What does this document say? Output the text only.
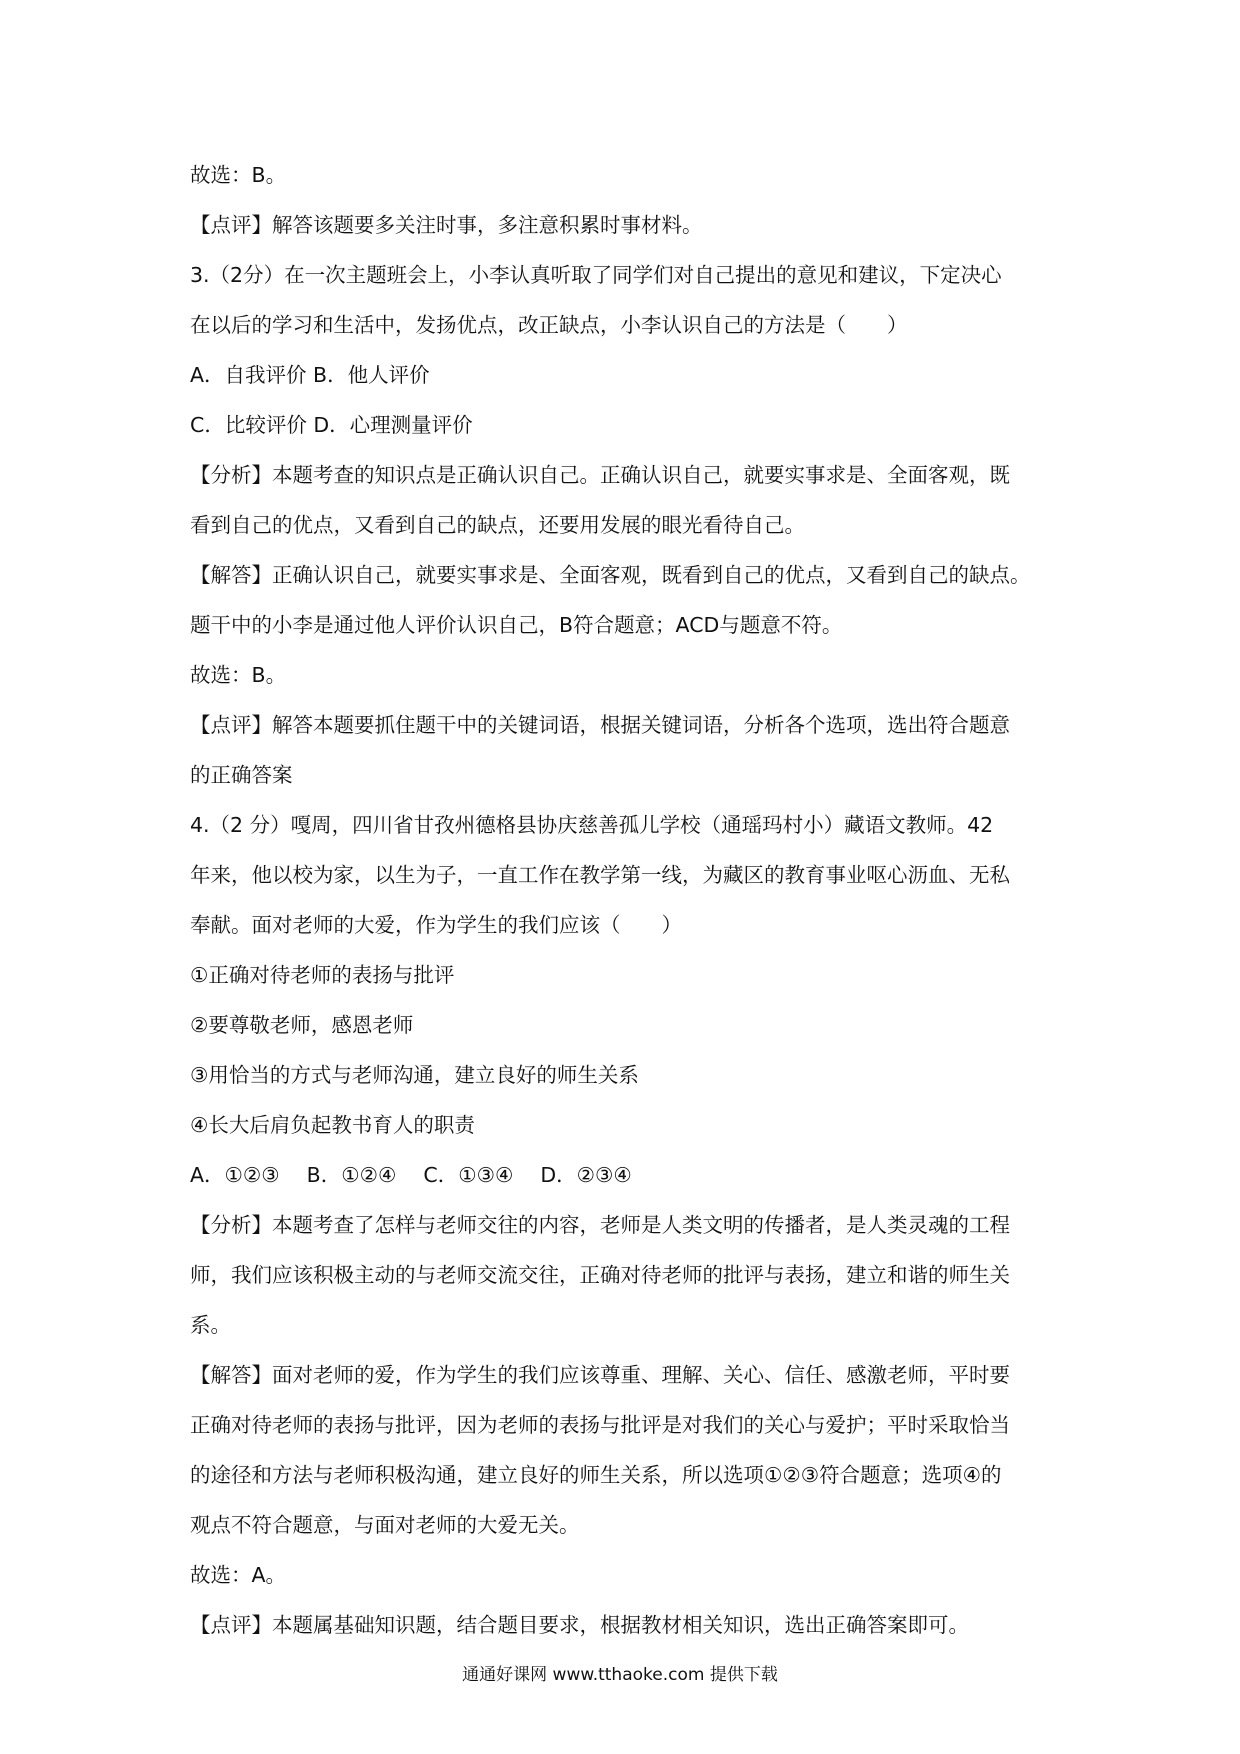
故选：B。
【点评】解答该题要多关注时事，多注意积累时事材料。
3.（2分）在一次主题班会上，小李认真听取了同学们对自己提出的意见和建议，下定决心
在以后的学习和生活中，发扬优点，改正缺点，小李认识自己的方法是（　　）
A．自我评价 B．他人评价
C．比较评价 D．心理测量评价
【分析】本题考查的知识点是正确认识自己。正确认识自己，就要实事求是、全面客观，既
看到自己的优点，又看到自己的缺点，还要用发展的眼光看待自己。
【解答】正确认识自己，就要实事求是、全面客观，既看到自己的优点，又看到自己的缺点。
题干中的小李是通过他人评价认识自己，B符合题意；ACD与题意不符。
故选：B。
【点评】解答本题要抓住题干中的关键词语，根据关键词语，分析各个选项，选出符合题意
的正确答案
4.（2 分）嘎周，四川省甘孜州德格县协庆慈善孤儿学校（通瑶玛村小）藏语文教师。42
年来，他以校为家，以生为子，一直工作在教学第一线，为藏区的教育事业呕心沥血、无私
奉献。面对老师的大爱，作为学生的我们应该（　　）
①正确对待老师的表扬与批评
②要尊敬老师，感恩老师
③用恰当的方式与老师沟通，建立良好的师生关系
④长大后肩负起教书育人的职责
A．①②③　 B．①②④　 C．①③④　 D．②③④
【分析】本题考查了怎样与老师交往的内容，老师是人类文明的传播者，是人类灵魂的工程
师，我们应该积极主动的与老师交流交往，正确对待老师的批评与表扬，建立和谐的师生关
系。
【解答】面对老师的爱，作为学生的我们应该尊重、理解、关心、信任、感激老师，平时要
正确对待老师的表扬与批评，因为老师的表扬与批评是对我们的关心与爱护；平时采取恰当
的途径和方法与老师积极沟通，建立良好的师生关系，所以选项①②③符合题意；选项④的
观点不符合题意，与面对老师的大爱无关。
故选：A。
【点评】本题属基础知识题，结合题目要求，根据教材相关知识，选出正确答案即可。
通通好课网 www.tthaoke.com 提供下载
